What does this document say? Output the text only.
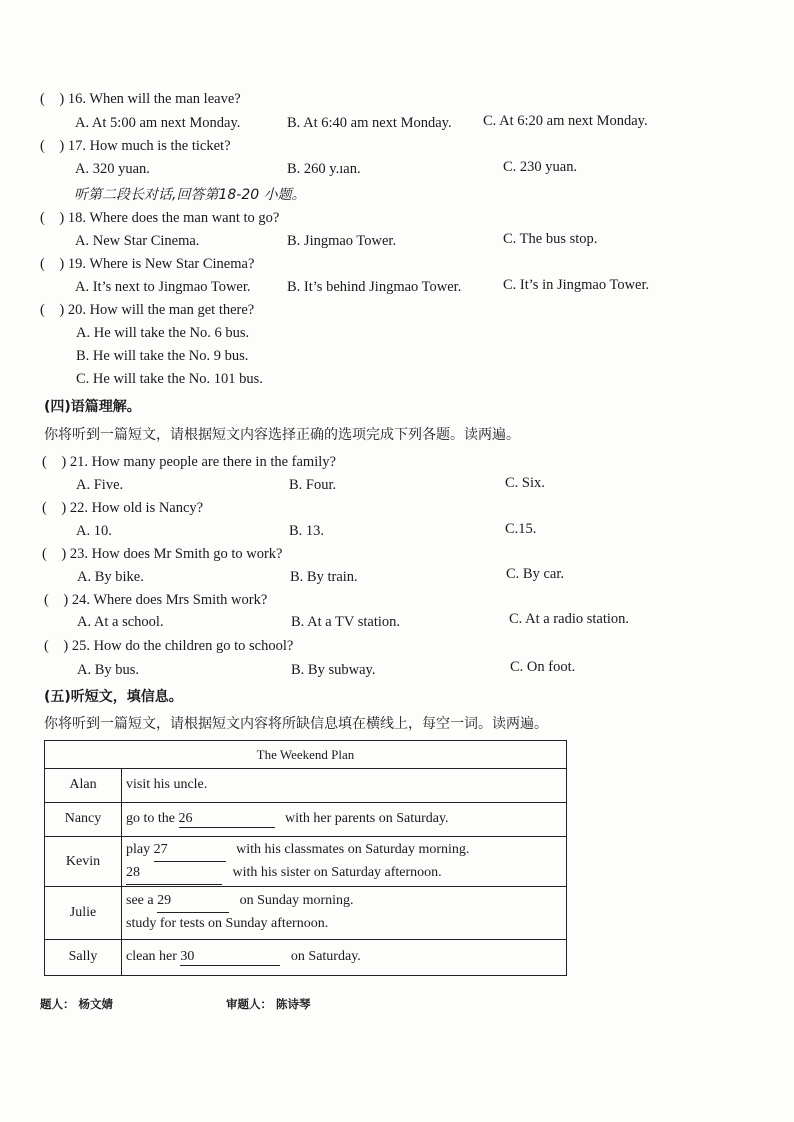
( ) 16. When will the man leave?
A. At 5:00 am next Monday.	B. At 6:40 am next Monday. C. At 6:20 am next Monday.
( ) 17. How much is the ticket?
A. 320 yuan.	B. 260 y.ıan.	C. 230 yuan.
听第二段长对话,回答第18-20 小题。
( ) 18. Where does the man want to go?
A. New Star Cinema.	B. Jingmao Tower.	C. The bus stop.
( ) 19. Where is New Star Cinema?
A. It’s next to Jingmao Tower.	B. It’s behind Jingmao Tower.	C. It’s in Jingmao Tower.
( ) 20. How will the man get there?
A. He will take the No. 6 bus.
B. He will take the No. 9 bus.
C. He will take the No. 101 bus.
(四)语篇理解。
你将听到一篇短文，请根据短文内容选择正确的选项完成下列各题。读两遍。
( ) 21. How many people are there in the family?
A. Five.	B. Four.	C. Six.
( ) 22. How old is Nancy?
A. 10.	B. 13.	C.15.
( ) 23. How does Mr Smith go to work?
A. By bike.	B. By train.	C. By car.
( ) 24. Where does Mrs Smith work?
A. At a school.	B. At a TV station.	C. At a radio station.
( ) 25. How do the children go to school?
A. By bus.	B. By subway.	C. On foot.
(五)听短文，填信息。
你将听到一篇短文，请根据短文内容将所缺信息填在横线上，每空一词。读两遍。
The Weekend Plan	
Alan	visit his uncle.
Nancy	go to the 26 with her parents on Saturday.
Kevin	play 27 with his classmates on Saturday morning.
28 with his sister on Saturday afternoon.
Julie	see a 29 on Sunday morning.
study for tests on Sunday afternoon.
Sally	clean her 30 on Saturday.
题人： 杨文婧	审题人： 陈诗琴
